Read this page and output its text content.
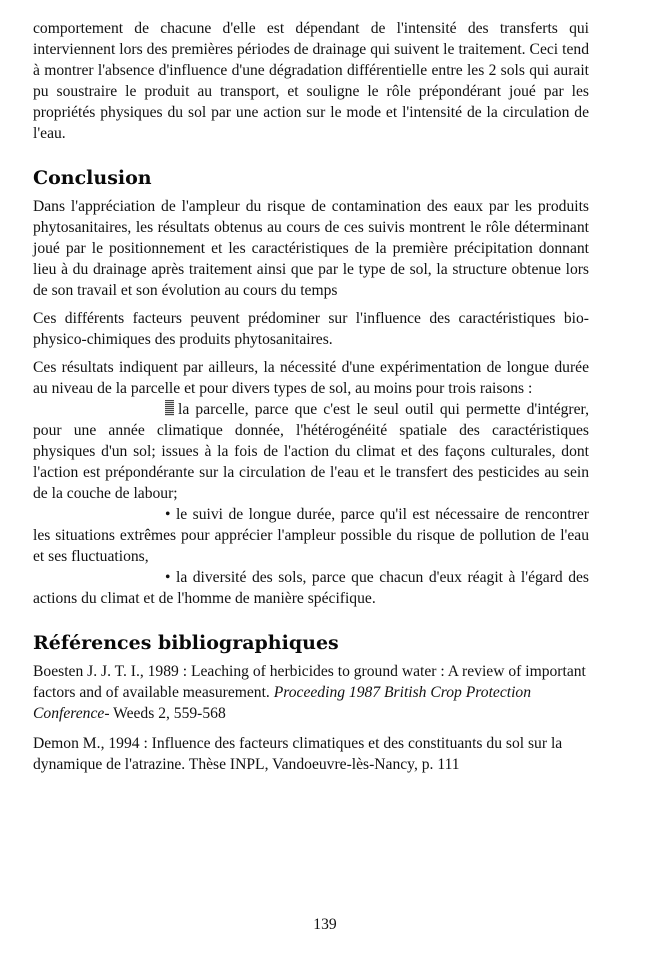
comportement de chacune d'elle est dépendant de l'intensité des transferts qui interviennent lors des premières périodes de drainage qui suivent le traitement. Ceci tend à montrer l'absence d'influence d'une dégradation différentielle entre les 2 sols qui aurait pu soustraire le produit au transport, et souligne le rôle prépondérant joué par les propriétés physiques du sol par une action sur le mode et l'intensité de la circulation de l'eau.

Conclusion

Dans l'appréciation de l'ampleur du risque de contamination des eaux par les produits phytosanitaires, les résultats obtenus au cours de ces suivis montrent le rôle déterminant joué par le positionnement et les caractéristiques de la première précipitation donnant lieu à du drainage après traitement ainsi que par le type de sol, la structure obtenue lors de son travail et son évolution au cours du temps

Ces différents facteurs peuvent prédominer sur l'influence des caractéristiques bio-physico-chimiques des produits phytosanitaires.

Ces résultats indiquent par ailleurs, la nécessité d'une expérimentation de longue durée au niveau de la parcelle et pour divers types de sol, au moins pour trois raisons :

la parcelle, parce que c'est le seul outil qui permette d'intégrer, pour une année climatique donnée, l'hétérogénéité spatiale des caractéristiques physiques d'un sol; issues à la fois de l'action du climat et des façons culturales, dont l'action est prépondérante sur la circulation de l'eau et le transfert des pesticides au sein de la couche de labour;

• le suivi de longue durée, parce qu'il est nécessaire de rencontrer les situations extrêmes pour apprécier l'ampleur possible du risque de pollution de l'eau et ses fluctuations,

• la diversité des sols, parce que chacun d'eux réagit à l'égard des actions du climat et de l'homme de manière spécifique.

Références bibliographiques

Boesten J. J. T. I., 1989 : Leaching of herbicides to ground water : A review of important factors and of available measurement. Proceeding 1987 British Crop Protection Conference- Weeds 2, 559-568

Demon M., 1994 : Influence des facteurs climatiques et des constituants du sol sur la dynamique de l'atrazine. Thèse INPL, Vandoeuvre-lès-Nancy, p. 111

139
